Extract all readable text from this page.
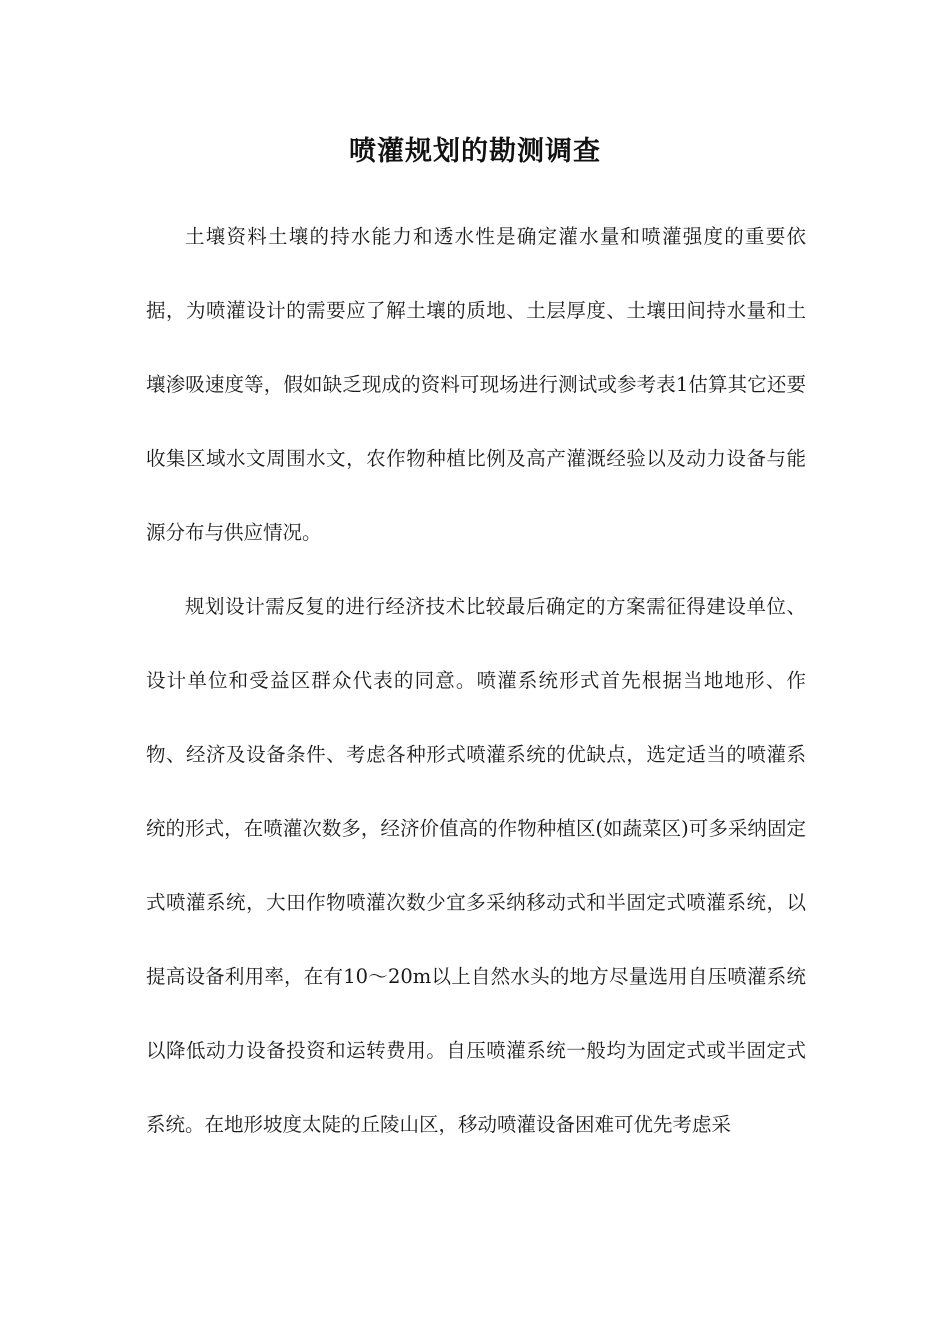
喷灌规划的勘测调查

土壤资料土壤的持水能力和透水性是确定灌水量和喷灌强度的重要依据，为喷灌设计的需要应了解土壤的质地、土层厚度、土壤田间持水量和土壤渗吸速度等，假如缺乏现成的资料可现场进行测试或参考表1估算其它还要收集区域水文周围水文，农作物种植比例及高产灌溉经验以及动力设备与能源分布与供应情况。

规划设计需反复的进行经济技术比较最后确定的方案需征得建设单位、设计单位和受益区群众代表的同意。喷灌系统形式首先根据当地地形、作物、经济及设备条件、考虑各种形式喷灌系统的优缺点，选定适当的喷灌系统的形式，在喷灌次数多，经济价值高的作物种植区(如蔬菜区)可多采纳固定式喷灌系统，大田作物喷灌次数少宜多采纳移动式和半固定式喷灌系统，以提高设备利用率，在有10～20m以上自然水头的地方尽量选用自压喷灌系统以降低动力设备投资和运转费用。自压喷灌系统一般均为固定式或半固定式系统。在地形坡度太陡的丘陵山区，移动喷灌设备困难可优先考虑采
